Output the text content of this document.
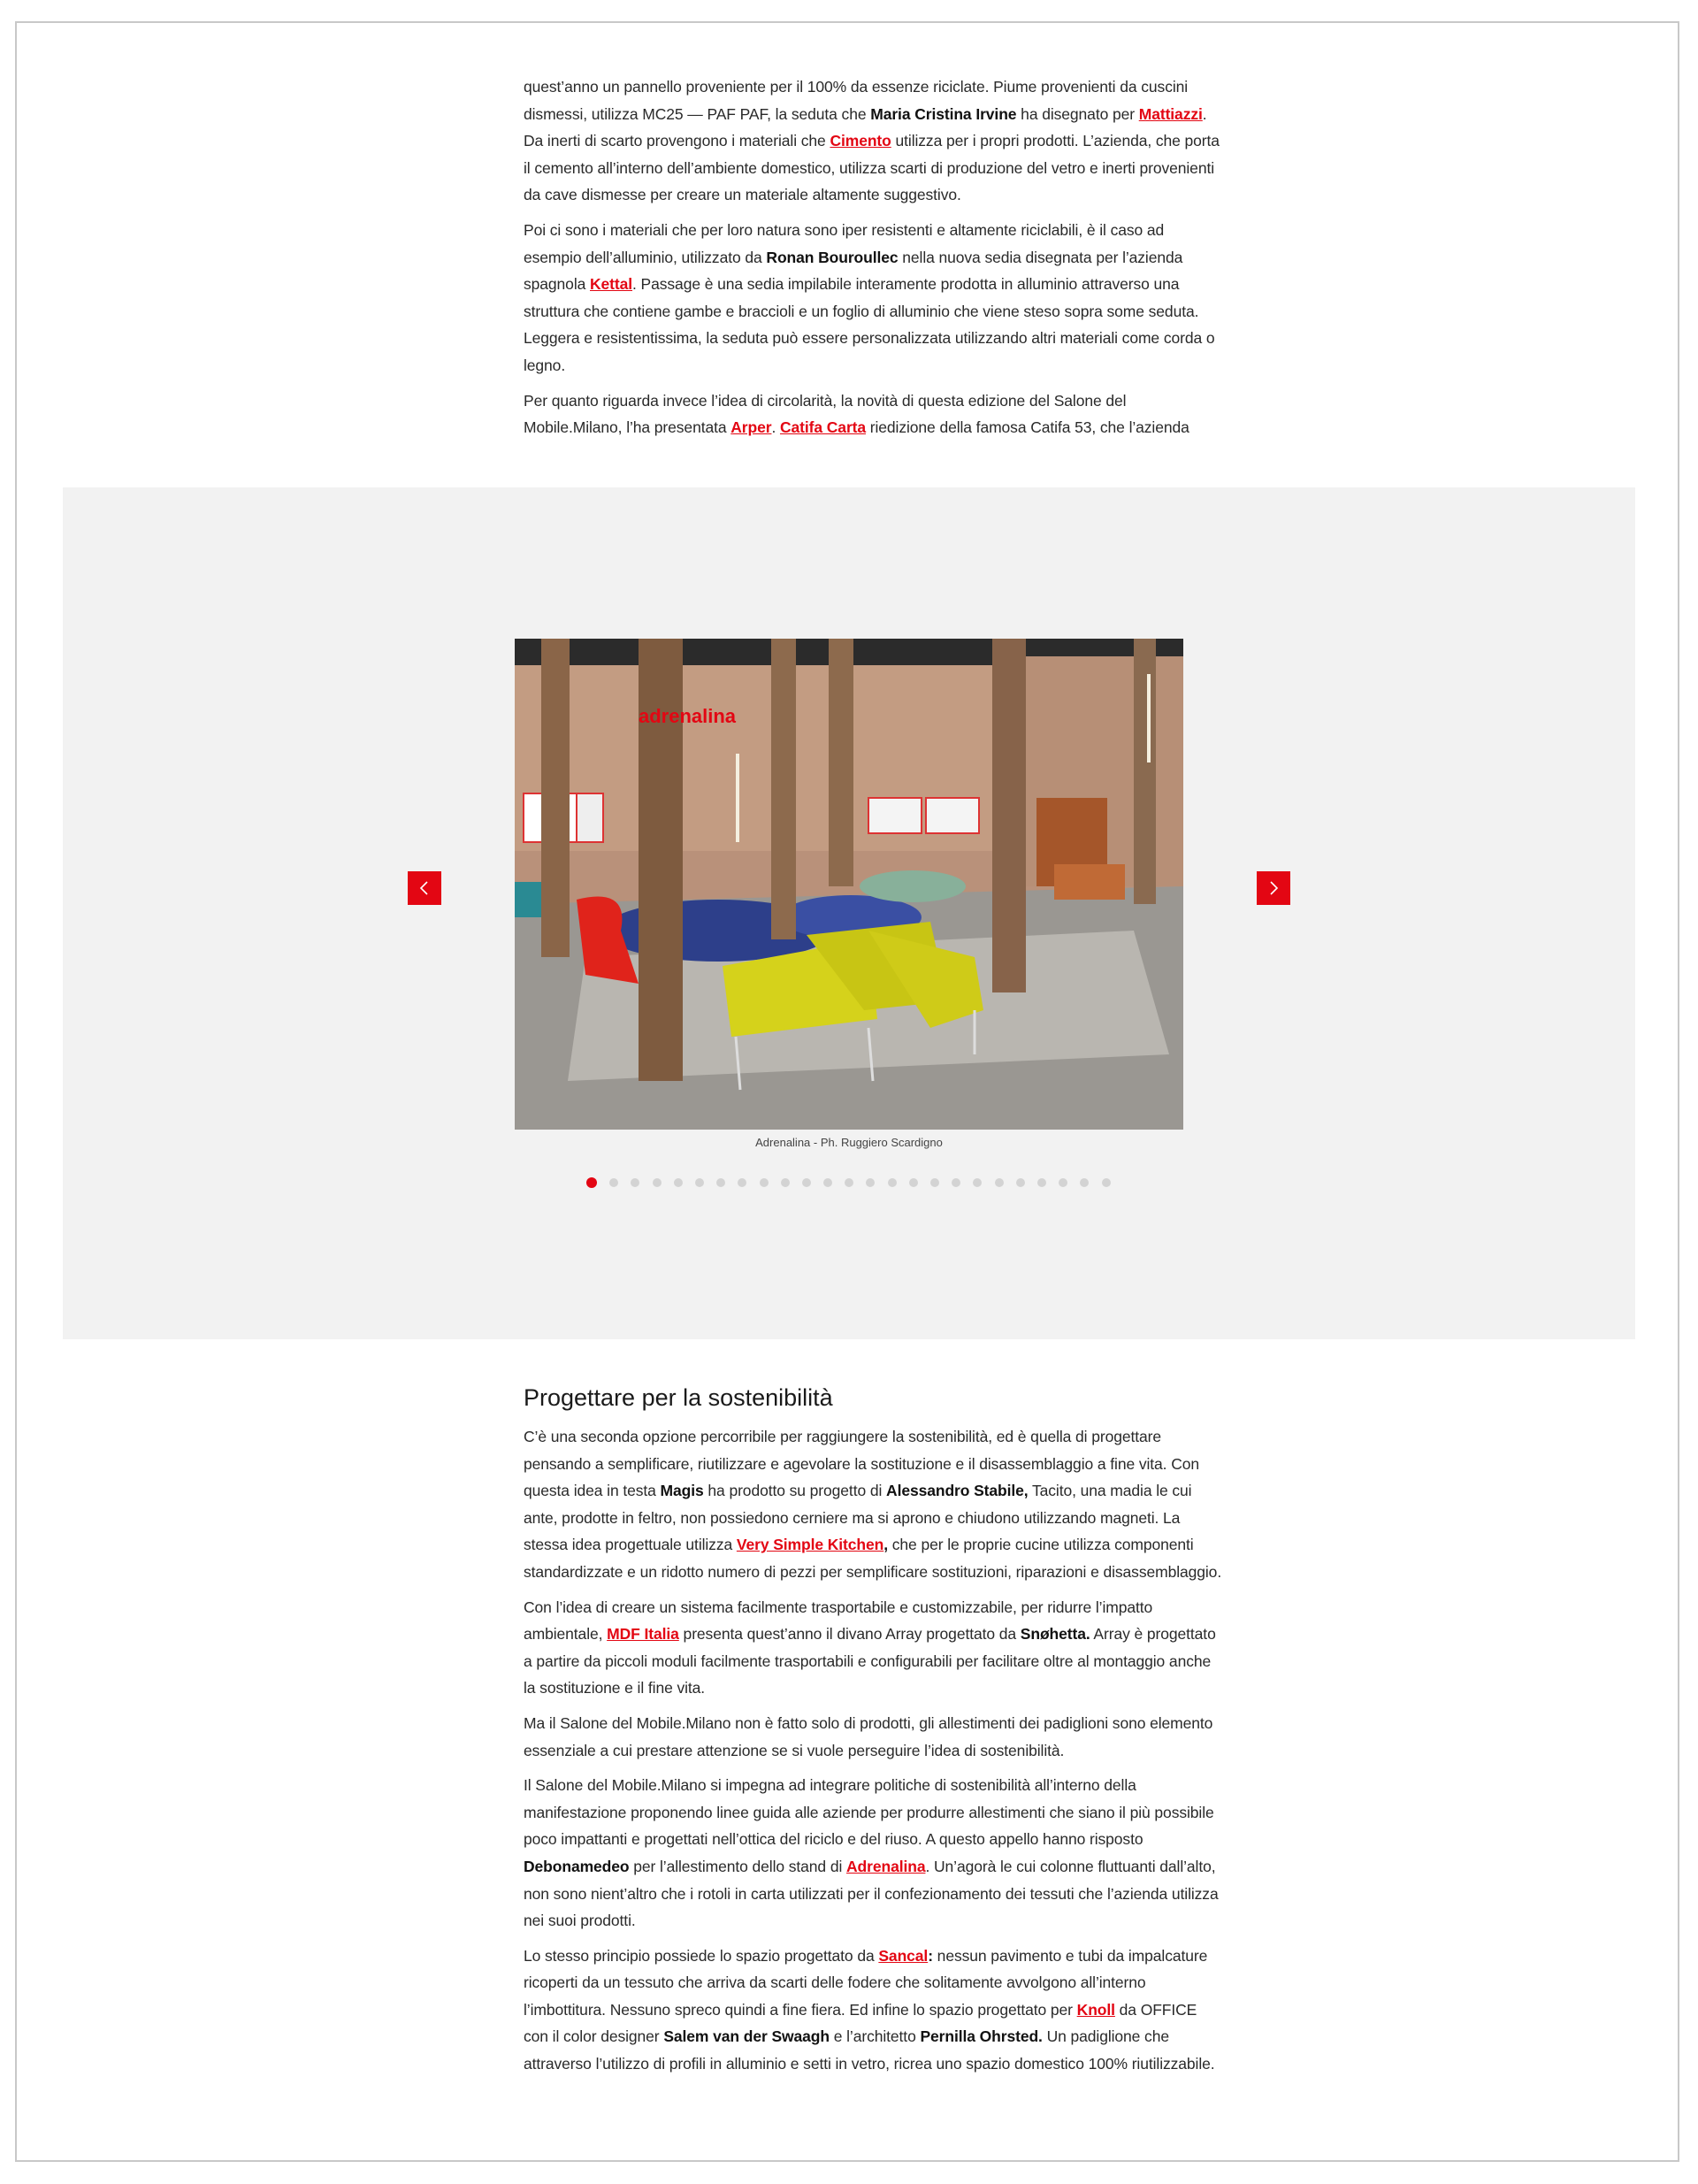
quest’anno un pannello proveniente per il 100% da essenze riciclate. Piume provenienti da cuscini dismessi, utilizza MC25 — PAF PAF, la seduta che Maria Cristina Irvine ha disegnato per Mattiazzi. Da inerti di scarto provengono i materiali che Cimento utilizza per i propri prodotti. L’azienda, che porta il cemento all’interno dell’ambiente domestico, utilizza scarti di produzione del vetro e inerti provenienti da cave dismesse per creare un materiale altamente suggestivo.

Poi ci sono i materiali che per loro natura sono iper resistenti e altamente riciclabili, è il caso ad esempio dell’alluminio, utilizzato da Ronan Bouroullec nella nuova sedia disegnata per l’azienda spagnola Kettal. Passage è una sedia impilabile interamente prodotta in alluminio attraverso una struttura che contiene gambe e braccioli e un foglio di alluminio che viene steso sopra some seduta. Leggera e resistentissima, la seduta può essere personalizzata utilizzando altri materiali come corda o legno.

Per quanto riguarda invece l’idea di circolarità, la novità di questa edizione del Salone del Mobile.Milano, l’ha presentata Arper. Catifa Carta riedizione della famosa Catifa 53, che l’azienda

adrenalina
Adrenalina - Ph. Ruggiero Scardigno
Progettare per la sostenibilità

C’è una seconda opzione percorribile per raggiungere la sostenibilità, ed è quella di progettare pensando a semplificare, riutilizzare e agevolare la sostituzione e il disassemblaggio a fine vita. Con questa idea in testa Magis ha prodotto su progetto di Alessandro Stabile, Tacito, una madia le cui ante, prodotte in feltro, non possiedono cerniere ma si aprono e chiudono utilizzando magneti. La stessa idea progettuale utilizza Very Simple Kitchen, che per le proprie cucine utilizza componenti standardizzate e un ridotto numero di pezzi per semplificare sostituzioni, riparazioni e disassemblaggio.

Con l’idea di creare un sistema facilmente trasportabile e customizzabile, per ridurre l’impatto ambientale, MDF Italia presenta quest’anno il divano Array progettato da Snøhetta. Array è progettato a partire da piccoli moduli facilmente trasportabili e configurabili per facilitare oltre al montaggio anche la sostituzione e il fine vita.

Ma il Salone del Mobile.Milano non è fatto solo di prodotti, gli allestimenti dei padiglioni sono elemento essenziale a cui prestare attenzione se si vuole perseguire l’idea di sostenibilità.

Il Salone del Mobile.Milano si impegna ad integrare politiche di sostenibilità all’interno della manifestazione proponendo linee guida alle aziende per produrre allestimenti che siano il più possibile poco impattanti e progettati nell’ottica del riciclo e del riuso. A questo appello hanno risposto Debonamedeo per l’allestimento dello stand di Adrenalina. Un’agorà le cui colonne fluttuanti dall’alto, non sono nient’altro che i rotoli in carta utilizzati per il confezionamento dei tessuti che l’azienda utilizza nei suoi prodotti.

Lo stesso principio possiede lo spazio progettato da Sancal: nessun pavimento e tubi da impalcature ricoperti da un tessuto che arriva da scarti delle fodere che solitamente avvolgono all’interno l’imbottitura. Nessuno spreco quindi a fine fiera. Ed infine lo spazio progettato per Knoll da OFFICE con il color designer Salem van der Swaagh e l’architetto Pernilla Ohrsted. Un padiglione che attraverso l’utilizzo di profili in alluminio e setti in vetro, ricrea uno spazio domestico 100% riutilizzabile.
